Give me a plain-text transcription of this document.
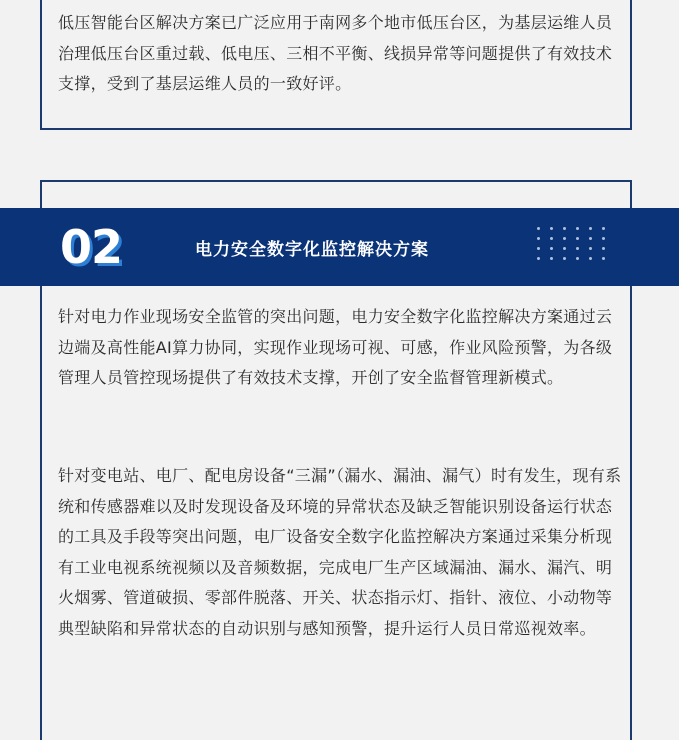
低压智能台区解决方案已广泛应用于南网多个地市低压台区，为基层运维人员治理低压台区重过载、低电压、三相不平衡、线损异常等问题提供了有效技术支撑，受到了基层运维人员的一致好评。

02	电力安全数字化监控解决方案

针对电力作业现场安全监管的突出问题，电力安全数字化监控解决方案通过云边端及高性能AI算力协同，实现作业现场可视、可感，作业风险预警，为各级管理人员管控现场提供了有效技术支撑，开创了安全监督管理新模式。

针对变电站、电厂、配电房设备“三漏”（漏水、漏油、漏气）时有发生，现有系统和传感器难以及时发现设备及环境的异常状态及缺乏智能识别设备运行状态的工具及手段等突出问题，电厂设备安全数字化监控解决方案通过采集分析现有工业电视系统视频以及音频数据，完成电厂生产区域漏油、漏水、漏汽、明火烟雾、管道破损、零部件脱落、开关、状态指示灯、指针、液位、小动物等典型缺陷和异常状态的自动识别与感知预警，提升运行人员日常巡视效率。
